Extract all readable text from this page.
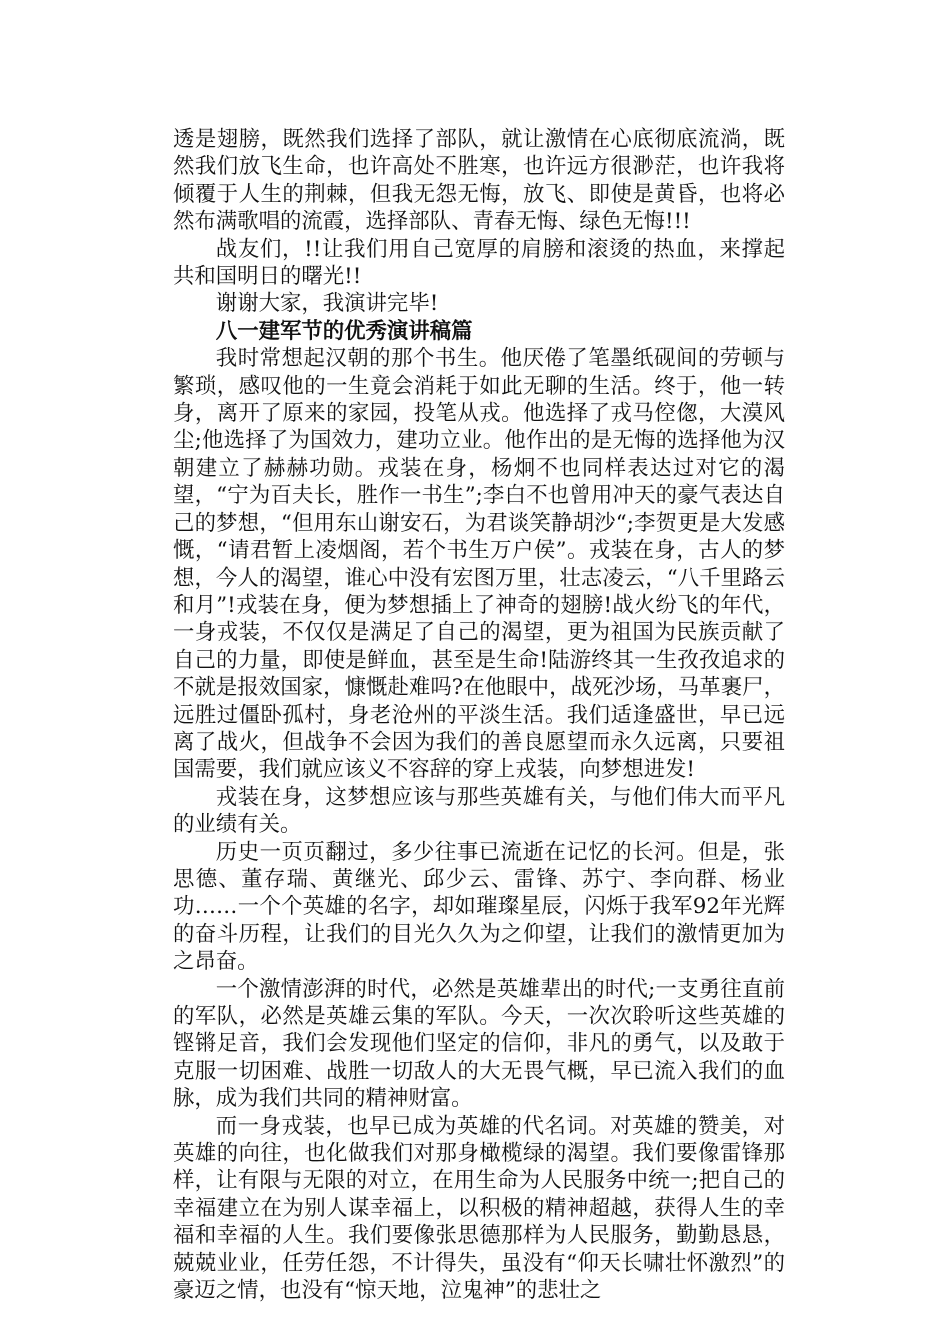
透是翅膀，既然我们选择了部队，就让激情在心底彻底流淌，既然我们放飞生命，也许高处不胜寒，也许远方很渺茫，也许我将倾覆于人生的荆棘，但我无怨无悔，放飞、即使是黄昏，也将必然布满歌唱的流霞，选择部队、青春无悔、绿色无悔!!!

战友们，!!让我们用自己宽厚的肩膀和滚烫的热血，来撑起共和国明日的曙光!!

谢谢大家，我演讲完毕!

八一建军节的优秀演讲稿篇

我时常想起汉朝的那个书生。他厌倦了笔墨纸砚间的劳顿与繁琐，感叹他的一生竟会消耗于如此无聊的生活。终于，他一转身，离开了原来的家园，投笔从戎。他选择了戎马倥偬，大漠风尘;他选择了为国效力，建功立业。他作出的是无悔的选择他为汉朝建立了赫赫功勋。戎装在身，杨炯不也同样表达过对它的渴望，“宁为百夫长，胜作一书生”;李白不也曾用冲天的豪气表达自己的梦想，“但用东山谢安石，为君谈笑静胡沙“;李贺更是大发感慨，“请君暂上凌烟阁，若个书生万户侯”。戎装在身，古人的梦想，今人的渴望，谁心中没有宏图万里，壮志凌云，“八千里路云和月”!戎装在身，便为梦想插上了神奇的翅膀!战火纷飞的年代，一身戎装，不仅仅是满足了自己的渴望，更为祖国为民族贡献了自己的力量，即使是鲜血，甚至是生命!陆游终其一生孜孜追求的不就是报效国家，慷慨赴难吗?在他眼中，战死沙场，马革裹尸，远胜过僵卧孤村，身老沧州的平淡生活。我们适逢盛世，早已远离了战火，但战争不会因为我们的善良愿望而永久远离，只要祖国需要，我们就应该义不容辞的穿上戎装，向梦想进发!

戎装在身，这梦想应该与那些英雄有关，与他们伟大而平凡的业绩有关。

历史一页页翻过，多少往事已流逝在记忆的长河。但是，张思德、董存瑞、黄继光、邱少云、雷锋、苏宁、李向群、杨业功……一个个英雄的名字，却如璀璨星辰，闪烁于我军92年光辉的奋斗历程，让我们的目光久久为之仰望，让我们的激情更加为之昂奋。

一个激情澎湃的时代，必然是英雄辈出的时代;一支勇往直前的军队，必然是英雄云集的军队。今天，一次次聆听这些英雄的铿锵足音，我们会发现他们坚定的信仰，非凡的勇气，以及敢于克服一切困难、战胜一切敌人的大无畏气概，早已流入我们的血脉，成为我们共同的精神财富。

而一身戎装，也早已成为英雄的代名词。对英雄的赞美，对英雄的向往，也化做我们对那身橄榄绿的渴望。我们要像雷锋那样，让有限与无限的对立，在用生命为人民服务中统一;把自己的幸福建立在为别人谋幸福上，以积极的精神超越，获得人生的幸福和幸福的人生。我们要像张思德那样为人民服务，勤勤恳恳，兢兢业业，任劳任怨，不计得失，虽没有“仰天长啸壮怀激烈”的豪迈之情，也没有“惊天地，泣鬼神”的悲壮之
